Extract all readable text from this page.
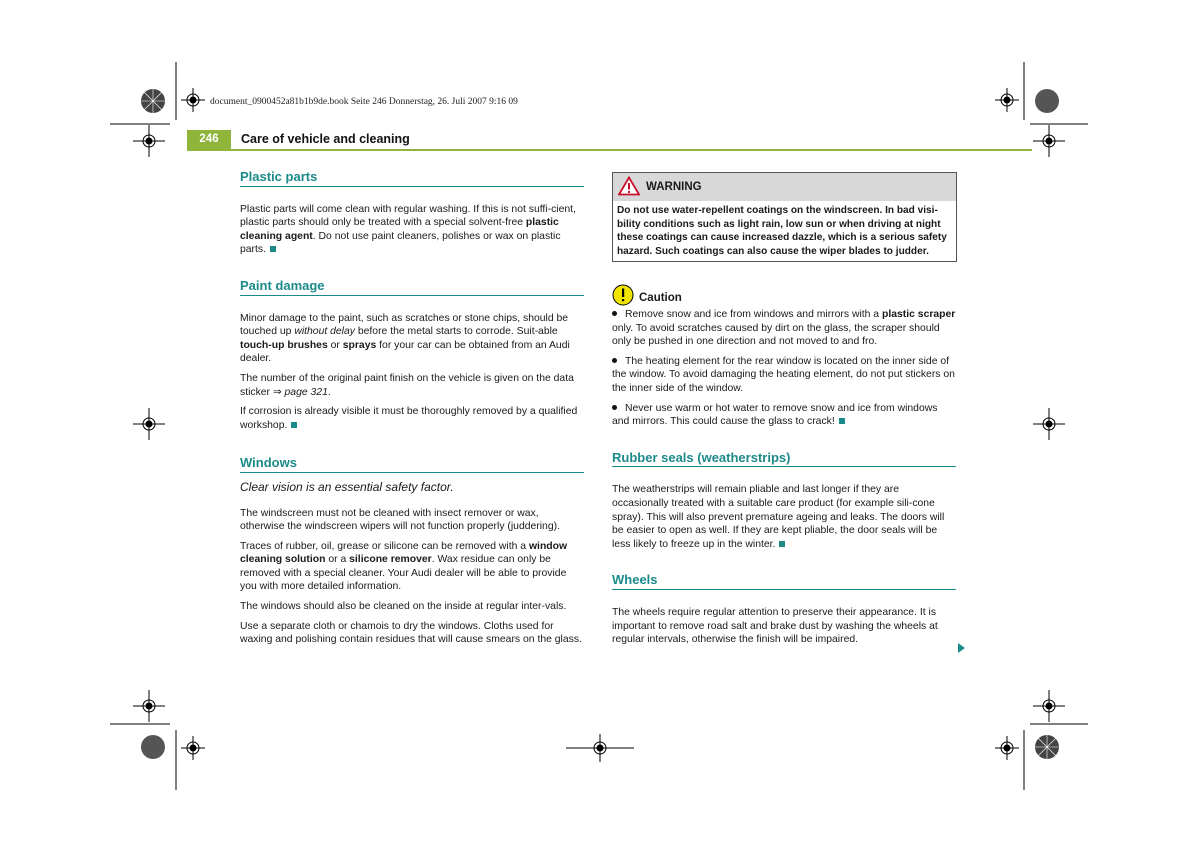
document_0900452a81b1b9de.book Seite 246 Donnerstag, 26. Juli 2007 9:16 09
246	Care of vehicle and cleaning
Plastic parts

Plastic parts will come clean with regular washing. If this is not suffi-cient, plastic parts should only be treated with a special solvent-free plastic cleaning agent. Do not use paint cleaners, polishes or wax on plastic parts.

Paint damage

Minor damage to the paint, such as scratches or stone chips, should be touched up without delay before the metal starts to corrode. Suit-able touch-up brushes or sprays for your car can be obtained from an Audi dealer.

The number of the original paint finish on the vehicle is given on the data sticker ⇒ page 321.

If corrosion is already visible it must be thoroughly removed by a qualified workshop.

Windows
Clear vision is an essential safety factor.

The windscreen must not be cleaned with insect remover or wax, otherwise the windscreen wipers will not function properly (juddering).

Traces of rubber, oil, grease or silicone can be removed with a window cleaning solution or a silicone remover. Wax residue can only be removed with a special cleaner. Your Audi dealer will be able to provide you with more detailed information.

The windows should also be cleaned on the inside at regular inter-vals.

Use a separate cloth or chamois to dry the windows. Cloths used for waxing and polishing contain residues that will cause smears on the glass.

WARNING
Do not use water-repellent coatings on the windscreen. In bad visi-bility conditions such as light rain, low sun or when driving at night these coatings can cause increased dazzle, which is a serious safety hazard. Such coatings can also cause the wiper blades to judder.
Caution

Remove snow and ice from windows and mirrors with a plastic scraper only. To avoid scratches caused by dirt on the glass, the scraper should only be pushed in one direction and not moved to and fro.

The heating element for the rear window is located on the inner side of the window. To avoid damaging the heating element, do not put stickers on the inner side of the window.

Never use warm or hot water to remove snow and ice from windows and mirrors. This could cause the glass to crack!

Rubber seals (weatherstrips)

The weatherstrips will remain pliable and last longer if they are occasionally treated with a suitable care product (for example sili-cone spray). This will also prevent premature ageing and leaks. The doors will be easier to open as well. If they are kept pliable, the door seals will be less likely to freeze up in the winter.

Wheels

The wheels require regular attention to preserve their appearance. It is important to remove road salt and brake dust by washing the wheels at regular intervals, otherwise the finish will be impaired.
